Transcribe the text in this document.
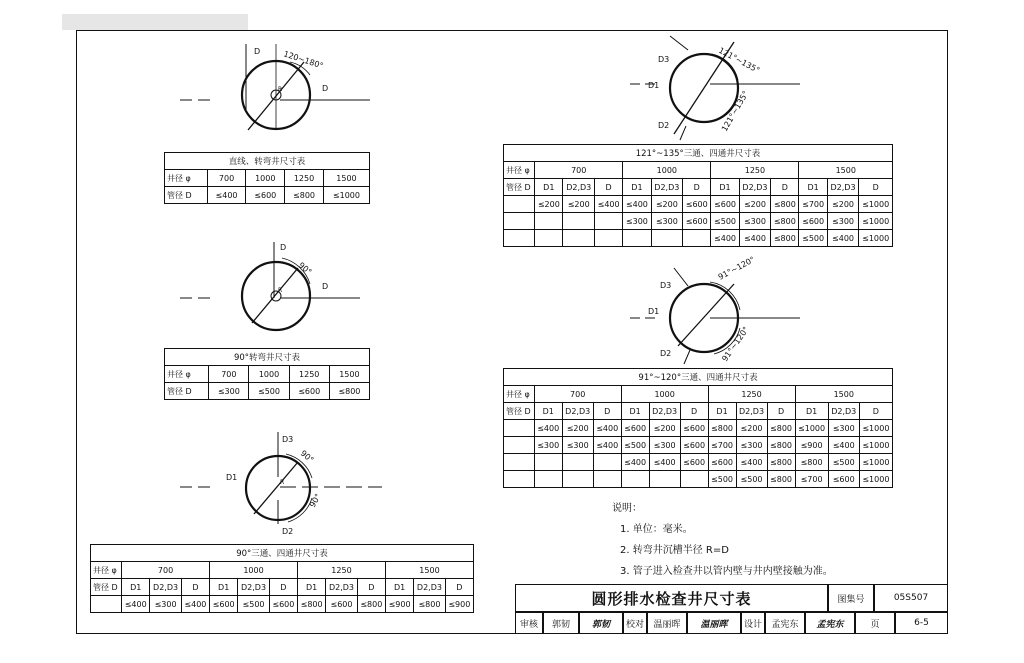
D
D
120~180°
R
直线、转弯井尺寸表				
井径 φ	700	1000	1250	1500
管径 D	≤400	≤600	≤800	≤1000
D
D
90°
R
90°转弯井尺寸表				
井径 φ	700	1000	1250	1500
管径 D	≤300	≤500	≤600	≤800
D3
D1
D2
90°
90°
R
90°三通、四通井尺寸表												
井径 φ	700			1000			1250			1500		
管径 D	D1	D2,D3	D	D1	D2,D3	D	D1	D2,D3	D	D1	D2,D3	D
	≤400	≤300	≤400	≤600	≤500	≤600	≤800	≤600	≤800	≤900	≤800	≤900
D3
D1
D2
121°~135°
121°~135°
121°~135°三通、四通井尺寸表												
井径 φ	700			1000			1250			1500		
管径 D	D1	D2,D3	D	D1	D2,D3	D	D1	D2,D3	D	D1	D2,D3	D
	≤200	≤200	≤400	≤400	≤200	≤600	≤600	≤200	≤800	≤700	≤200	≤1000
				≤300	≤300	≤600	≤500	≤300	≤800	≤600	≤300	≤1000
							≤400	≤400	≤800	≤500	≤400	≤1000
D3
D1
D2
91°~120°
91°~120°
91°~120°三通、四通井尺寸表												
井径 φ	700			1000			1250			1500		
管径 D	D1	D2,D3	D	D1	D2,D3	D	D1	D2,D3	D	D1	D2,D3	D
	≤400	≤200	≤400	≤600	≤200	≤600	≤800	≤200	≤800	≤1000	≤300	≤1000
	≤300	≤300	≤400	≤500	≤300	≤600	≤700	≤300	≤800	≤900	≤400	≤1000
				≤400	≤400	≤600	≤600	≤400	≤800	≤800	≤500	≤1000
							≤500	≤500	≤800	≤700	≤600	≤1000
说明：
1. 单位：毫米。
2. 转弯井沉槽半径 R=D
3. 管子进入检查井以管内壁与井内壁接触为准。
圆形排水检查井尺寸表	图集号	05S507
审核	郭韧	郭韧	校对	温丽晖	温丽晖	设计	孟宪东	孟宪东	页	6-5
